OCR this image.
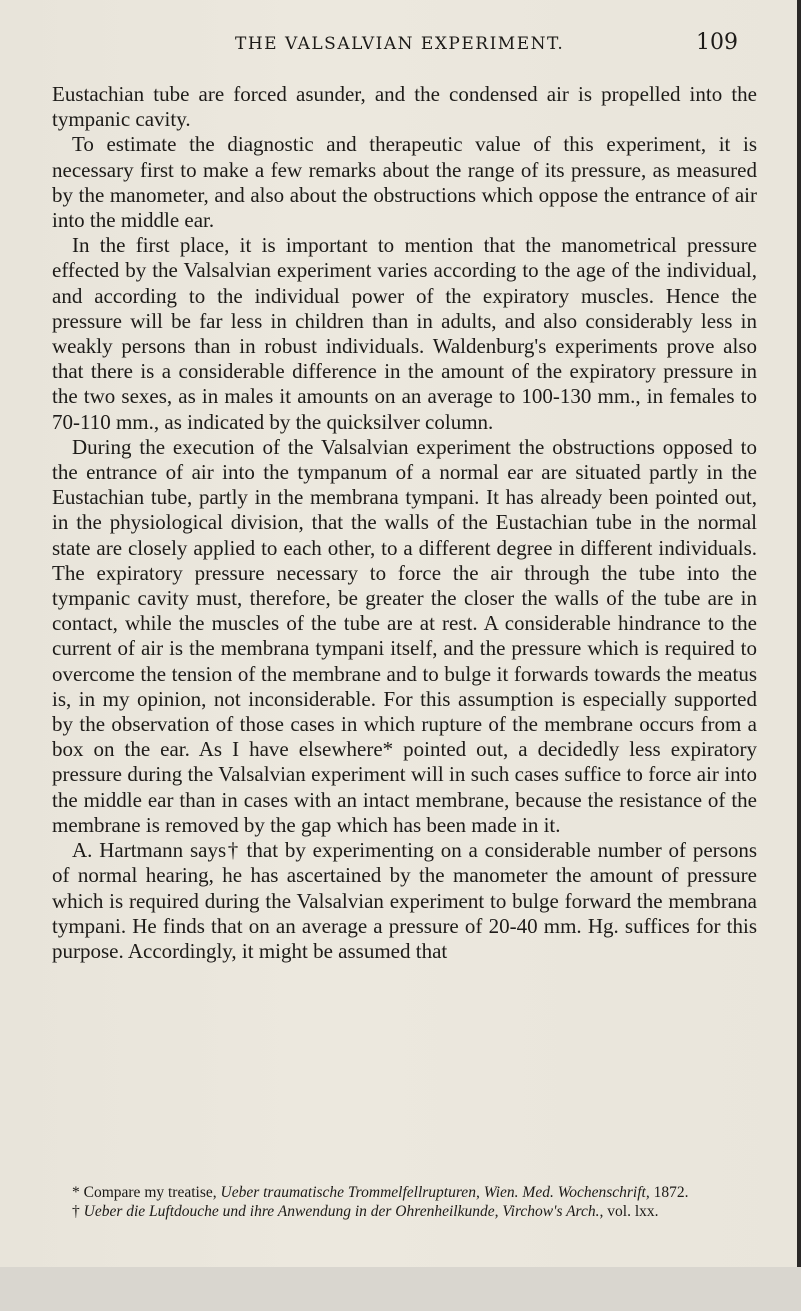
THE VALSALVIAN EXPERIMENT.	109

Eustachian tube are forced asunder, and the condensed air is propelled into the tympanic cavity.

To estimate the diagnostic and therapeutic value of this experiment, it is necessary first to make a few remarks about the range of its pressure, as measured by the manometer, and also about the obstructions which oppose the entrance of air into the middle ear.

In the first place, it is important to mention that the manometrical pressure effected by the Valsalvian experiment varies according to the age of the individual, and according to the individual power of the expiratory muscles. Hence the pressure will be far less in children than in adults, and also considerably less in weakly persons than in robust individuals. Waldenburg's experiments prove also that there is a considerable difference in the amount of the expiratory pressure in the two sexes, as in males it amounts on an average to 100-130 mm., in females to 70-110 mm., as indicated by the quicksilver column.

During the execution of the Valsalvian experiment the obstructions opposed to the entrance of air into the tympanum of a normal ear are situated partly in the Eustachian tube, partly in the membrana tympani. It has already been pointed out, in the physiological division, that the walls of the Eustachian tube in the normal state are closely applied to each other, to a different degree in different individuals. The expiratory pressure necessary to force the air through the tube into the tympanic cavity must, therefore, be greater the closer the walls of the tube are in contact, while the muscles of the tube are at rest. A considerable hindrance to the current of air is the membrana tympani itself, and the pressure which is required to overcome the tension of the membrane and to bulge it forwards towards the meatus is, in my opinion, not inconsiderable. For this assumption is especially supported by the observation of those cases in which rupture of the membrane occurs from a box on the ear. As I have elsewhere* pointed out, a decidedly less expiratory pressure during the Valsalvian experiment will in such cases suffice to force air into the middle ear than in cases with an intact membrane, because the resistance of the membrane is removed by the gap which has been made in it.

A. Hartmann says† that by experimenting on a considerable number of persons of normal hearing, he has ascertained by the manometer the amount of pressure which is required during the Valsalvian experiment to bulge forward the membrana tympani. He finds that on an average a pressure of 20-40 mm. Hg. suffices for this purpose. Accordingly, it might be assumed that

* Compare my treatise, Ueber traumatische Trommelfellrupturen, Wien. Med. Wochenschrift, 1872.

† Ueber die Luftdouche und ihre Anwendung in der Ohrenheilkunde, Virchow's Arch., vol. lxx.
